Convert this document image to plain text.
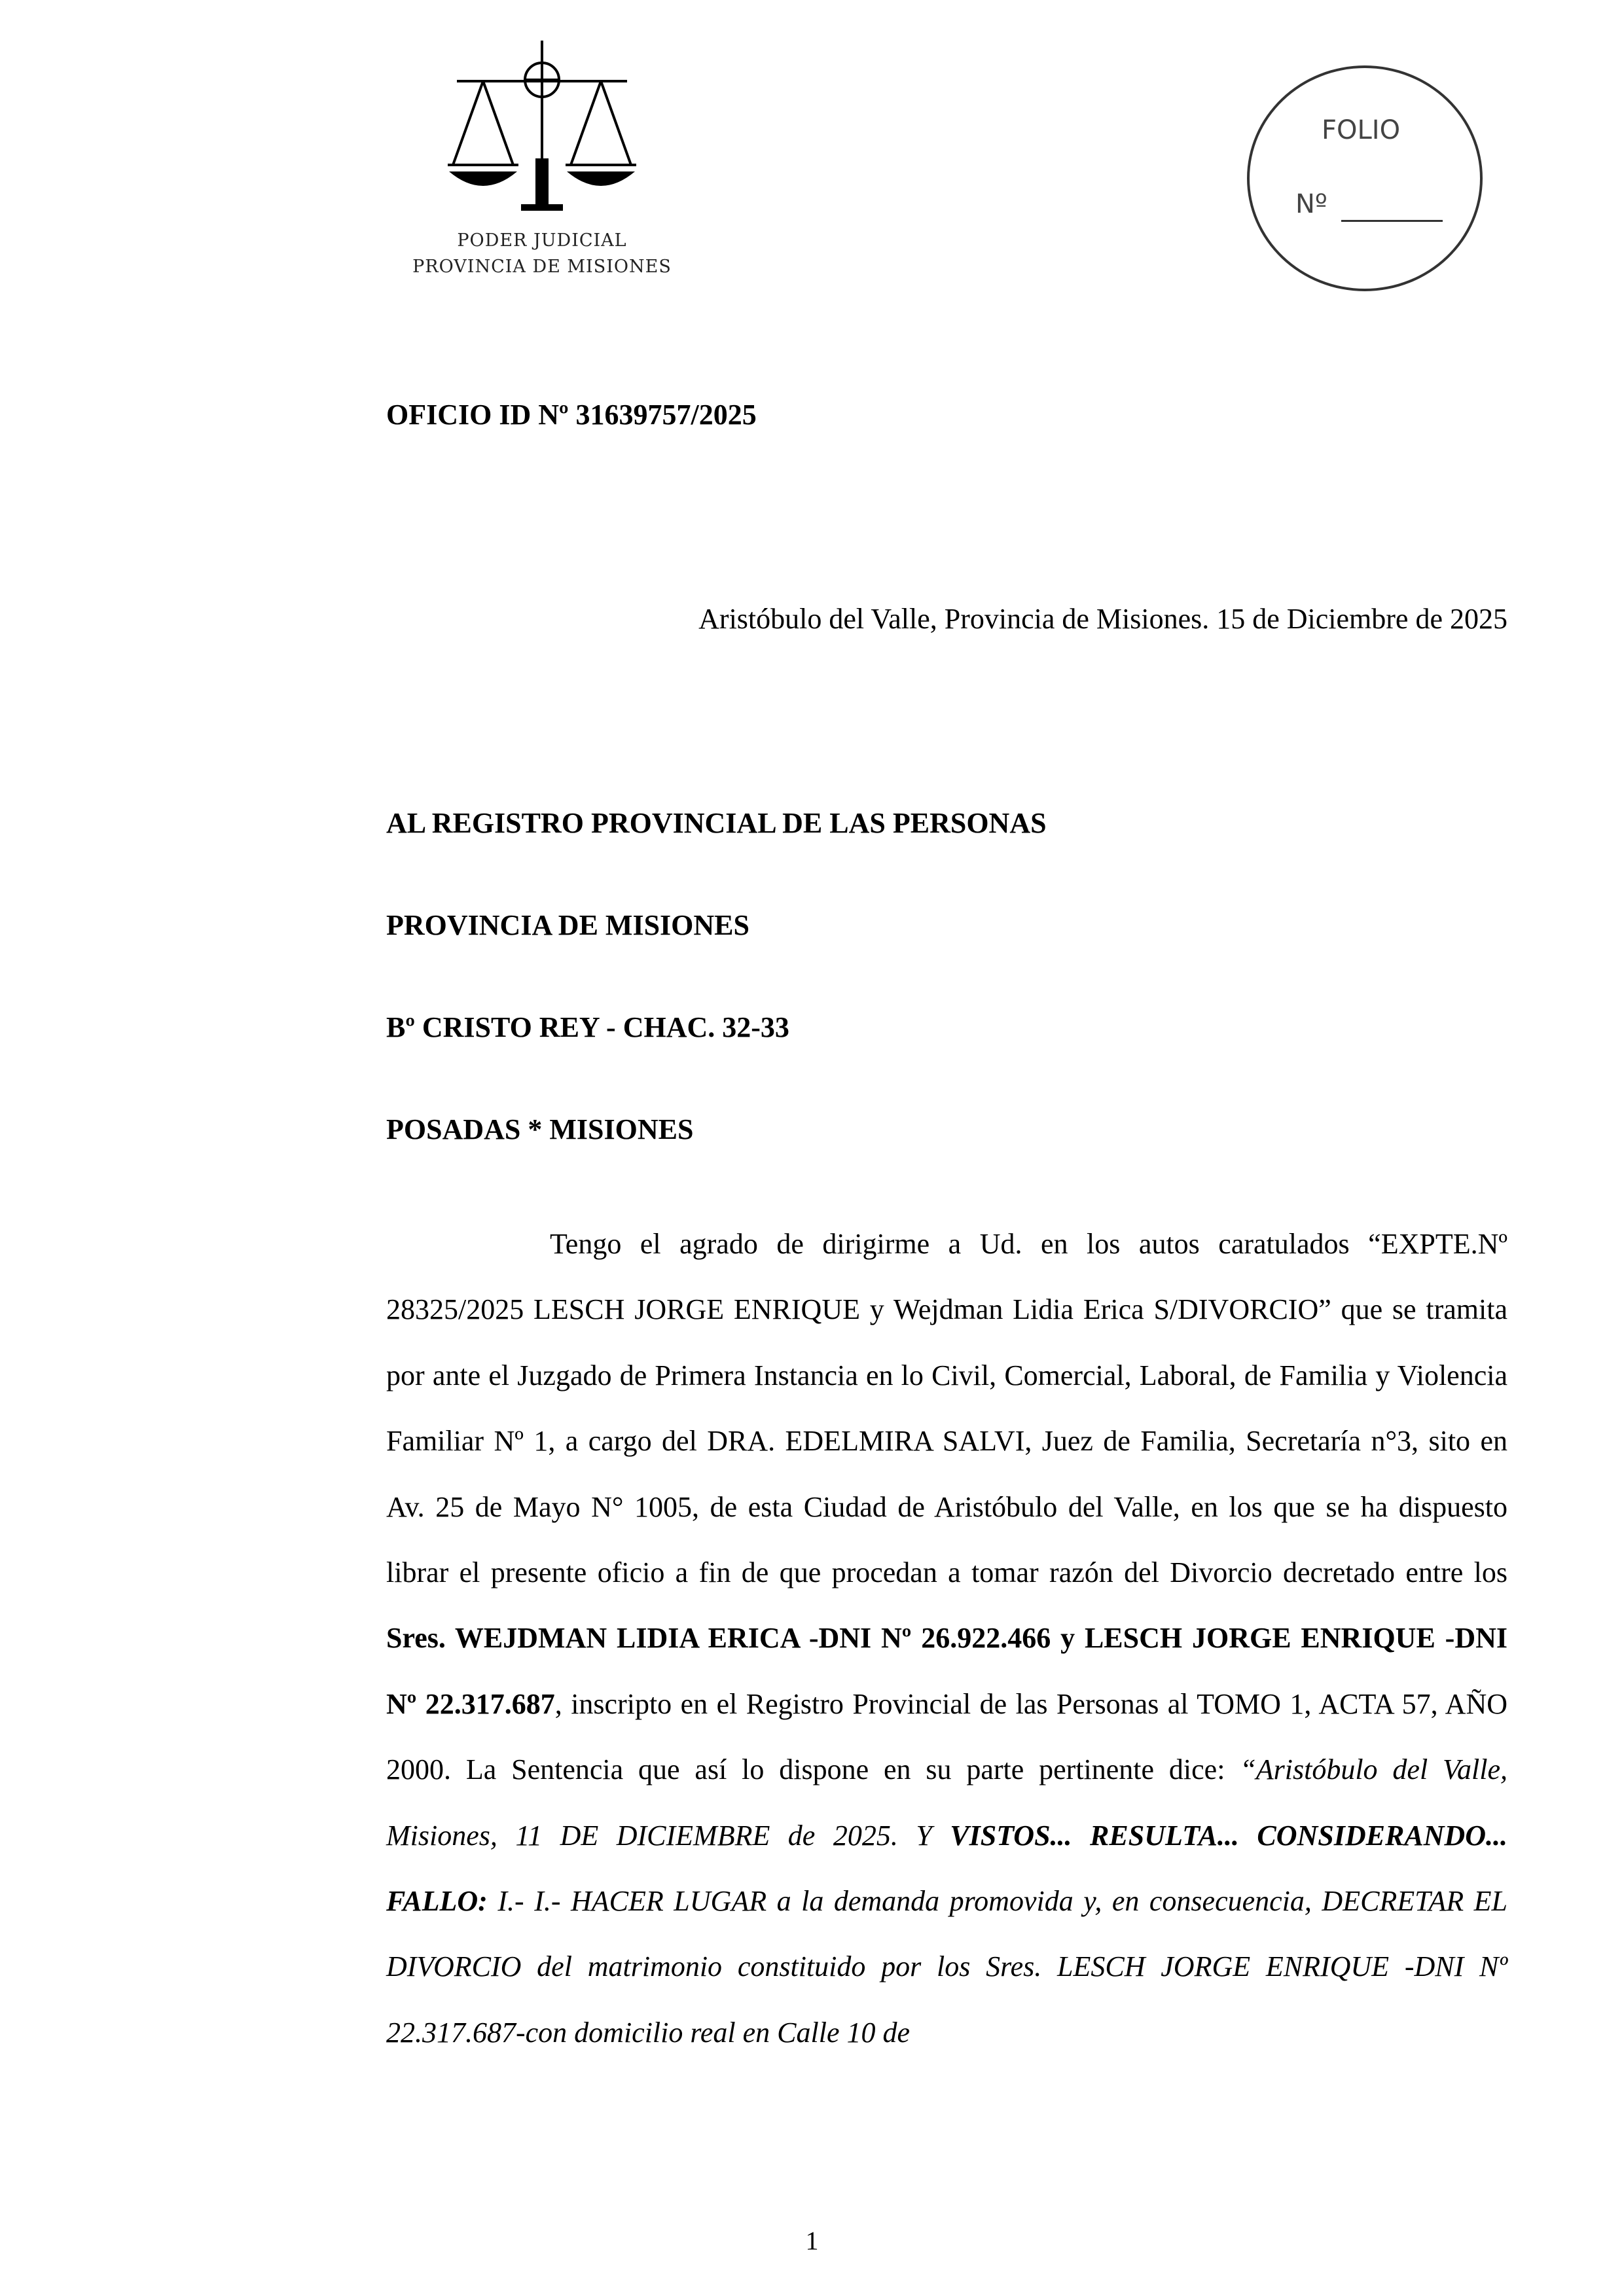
PODER JUDICIAL
PROVINCIA DE MISIONES
FOLIO
Nº
OFICIO ID Nº 31639757/2025
Aristóbulo del Valle, Provincia de Misiones. 15 de Diciembre de 2025
AL REGISTRO PROVINCIAL DE LAS PERSONAS
PROVINCIA DE MISIONES
Bº CRISTO REY - CHAC. 32-33
POSADAS * MISIONES

Tengo el agrado de dirigirme a Ud. en los autos caratulados “EXPTE.Nº 28325/2025 LESCH JORGE ENRIQUE y Wejdman Lidia Erica S/DIVORCIO” que se tramita por ante el Juzgado de Primera Instancia en lo Civil, Comercial, Laboral, de Familia y Violencia Familiar Nº 1, a cargo del DRA. EDELMIRA SALVI, Juez de Familia, Secretaría n°3, sito en Av. 25 de Mayo N° 1005, de esta Ciudad de Aristóbulo del Valle, en los que se ha dispuesto librar el presente oficio a fin de que procedan a tomar razón del Divorcio decretado entre los Sres. WEJDMAN LIDIA ERICA -DNI Nº 26.922.466 y LESCH JORGE ENRIQUE -DNI Nº 22.317.687, inscripto en el Registro Provincial de las Personas al TOMO 1, ACTA 57, AÑO 2000. La Sentencia que así lo dispone en su parte pertinente dice: “Aristóbulo del Valle, Misiones, 11 DE DICIEMBRE de 2025. Y VISTOS... RESULTA... CONSIDERANDO... FALLO: I.- I.- HACER LUGAR a la demanda promovida y, en consecuencia, DECRETAR EL DIVORCIO del matrimonio constituido por los Sres. LESCH JORGE ENRIQUE -DNI Nº 22.317.687-con domicilio real en Calle 10 de

1
